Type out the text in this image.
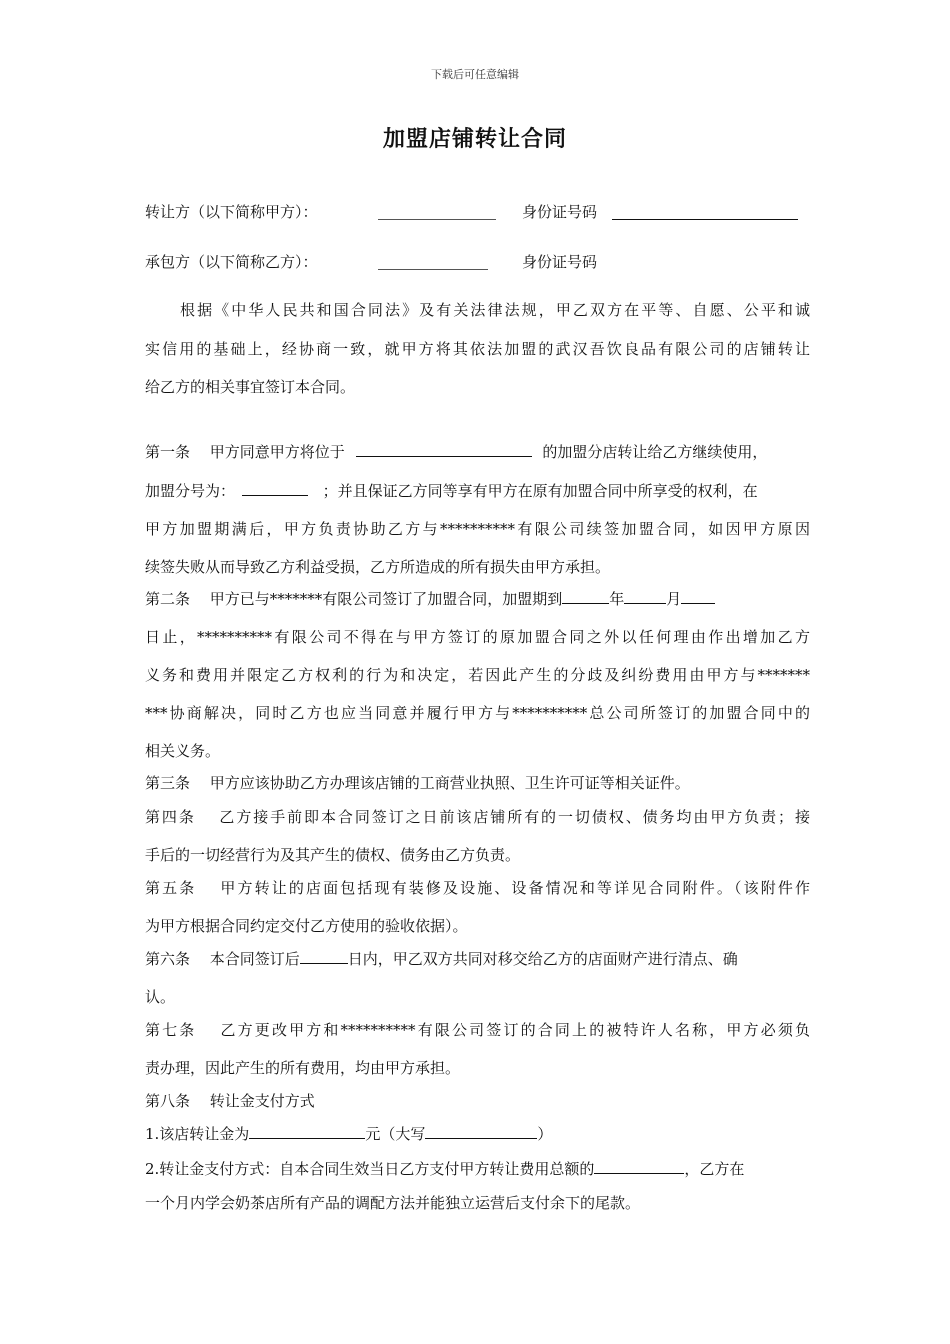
下载后可任意编辑
加盟店铺转让合同
转让方（以下简称甲方）：	身份证号码
承包方（以下简称乙方）：	身份证号码
根据《中华人民共和国合同法》及有关法律法规，甲乙双方在平等、自愿、公平和诚
实信用的基础上，经协商一致，就甲方将其依法加盟的武汉吾饮良品有限公司的店铺转让
给乙方的相关事宜签订本合同。
第一条　 甲方同意甲方将位于	的加盟分店转让给乙方继续使用，
加盟分号为：	；并且保证乙方同等享有甲方在原有加盟合同中所享受的权利，在
甲方加盟期满后，甲方负责协助乙方与**********有限公司续签加盟合同，如因甲方原因
续签失败从而导致乙方利益受损，乙方所造成的所有损失由甲方承担。
第二条　 甲方已与*******有限公司签订了加盟合同，加盟期到	年	月
日止，**********有限公司不得在与甲方签订的原加盟合同之外以任何理由作出增加乙方
义务和费用并限定乙方权利的行为和决定，若因此产生的分歧及纠纷费用由甲方与*******
***协商解决，同时乙方也应当同意并履行甲方与**********总公司所签订的加盟合同中的
相关义务。
第三条　 甲方应该协助乙方办理该店铺的工商营业执照、卫生许可证等相关证件。
第四条　 乙方接手前即本合同签订之日前该店铺所有的一切债权、债务均由甲方负责；接
手后的一切经营行为及其产生的债权、债务由乙方负责。
第五条　 甲方转让的店面包括现有装修及设施、设备情况和等详见合同附件。（该附件作
为甲方根据合同约定交付乙方使用的验收依据）。
第六条　 本合同签订后	日内，甲乙双方共同对移交给乙方的店面财产进行清点、确
认。
第七条　 乙方更改甲方和**********有限公司签订的合同上的被特许人名称，甲方必须负
责办理，因此产生的所有费用，均由甲方承担。
第八条　 转让金支付方式
1.该店转让金为	元（大写	）
2.转让金支付方式：自本合同生效当日乙方支付甲方转让费用总额的	，乙方在
一个月内学会奶茶店所有产品的调配方法并能独立运营后支付余下的尾款。
